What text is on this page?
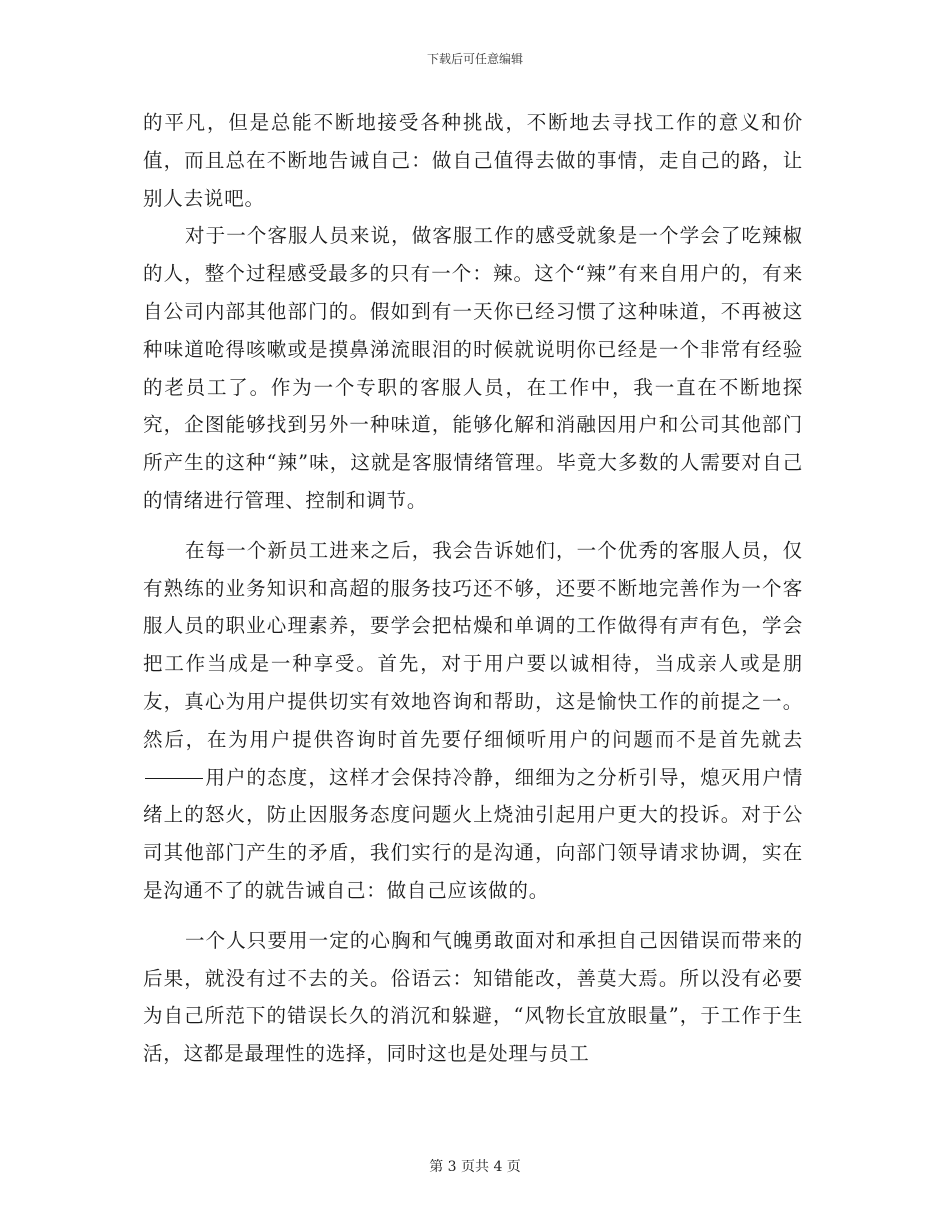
下载后可任意编辑

的平凡，但是总能不断地接受各种挑战，不断地去寻找工作的意义和价值，而且总在不断地告诫自己：做自己值得去做的事情，走自己的路，让别人去说吧。

对于一个客服人员来说，做客服工作的感受就象是一个学会了吃辣椒的人，整个过程感受最多的只有一个：辣。这个“辣”有来自用户的，有来自公司内部其他部门的。假如到有一天你已经习惯了这种味道，不再被这种味道呛得咳嗽或是摸鼻涕流眼泪的时候就说明你已经是一个非常有经验的老员工了。作为一个专职的客服人员，在工作中，我一直在不断地探究，企图能够找到另外一种味道，能够化解和消融因用户和公司其他部门所产生的这种“辣”味，这就是客服情绪管理。毕竟大多数的人需要对自己的情绪进行管理、控制和调节。

在每一个新员工进来之后，我会告诉她们，一个优秀的客服人员，仅有熟练的业务知识和高超的服务技巧还不够，还要不断地完善作为一个客服人员的职业心理素养，要学会把枯燥和单调的工作做得有声有色，学会把工作当成是一种享受。首先，对于用户要以诚相待，当成亲人或是朋友，真心为用户提供切实有效地咨询和帮助，这是愉快工作的前提之一。然后，在为用户提供咨询时首先要仔细倾听用户的问题而不是首先就去用户的态度，这样才会保持冷静，细细为之分析引导，熄灭用户情绪上的怒火，防止因服务态度问题火上烧油引起用户更大的投诉。对于公司其他部门产生的矛盾，我们实行的是沟通，向部门领导请求协调，实在是沟通不了的就告诫自己：做自己应该做的。

一个人只要用一定的心胸和气魄勇敢面对和承担自己因错误而带来的后果，就没有过不去的关。俗语云：知错能改，善莫大焉。所以没有必要为自己所范下的错误长久的消沉和躲避，“风物长宜放眼量”，于工作于生活，这都是最理性的选择，同时这也是处理与员工

第 3 页共 4 页
